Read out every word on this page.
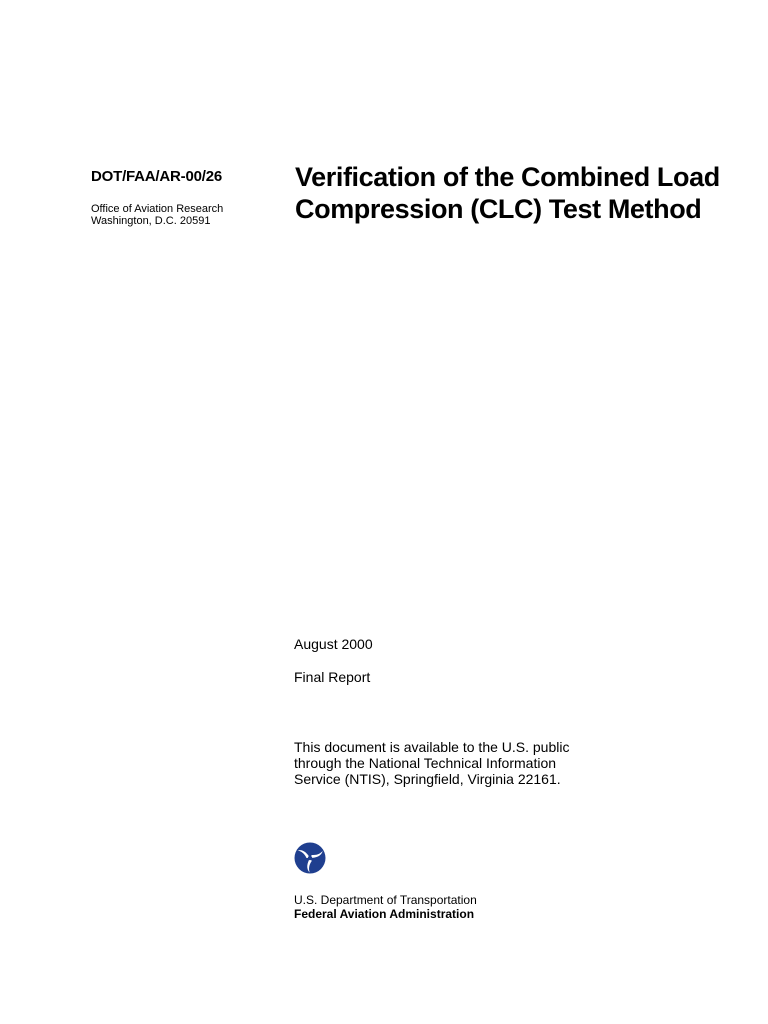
DOT/FAA/AR-00/26
Office of Aviation Research
Washington, D.C. 20591
Verification of the Combined Load
Compression (CLC) Test Method
August 2000
Final Report
This document is available to the U.S. public
through the National Technical Information
Service (NTIS), Springfield, Virginia 22161.
U.S. Department of Transportation
Federal Aviation Administration
